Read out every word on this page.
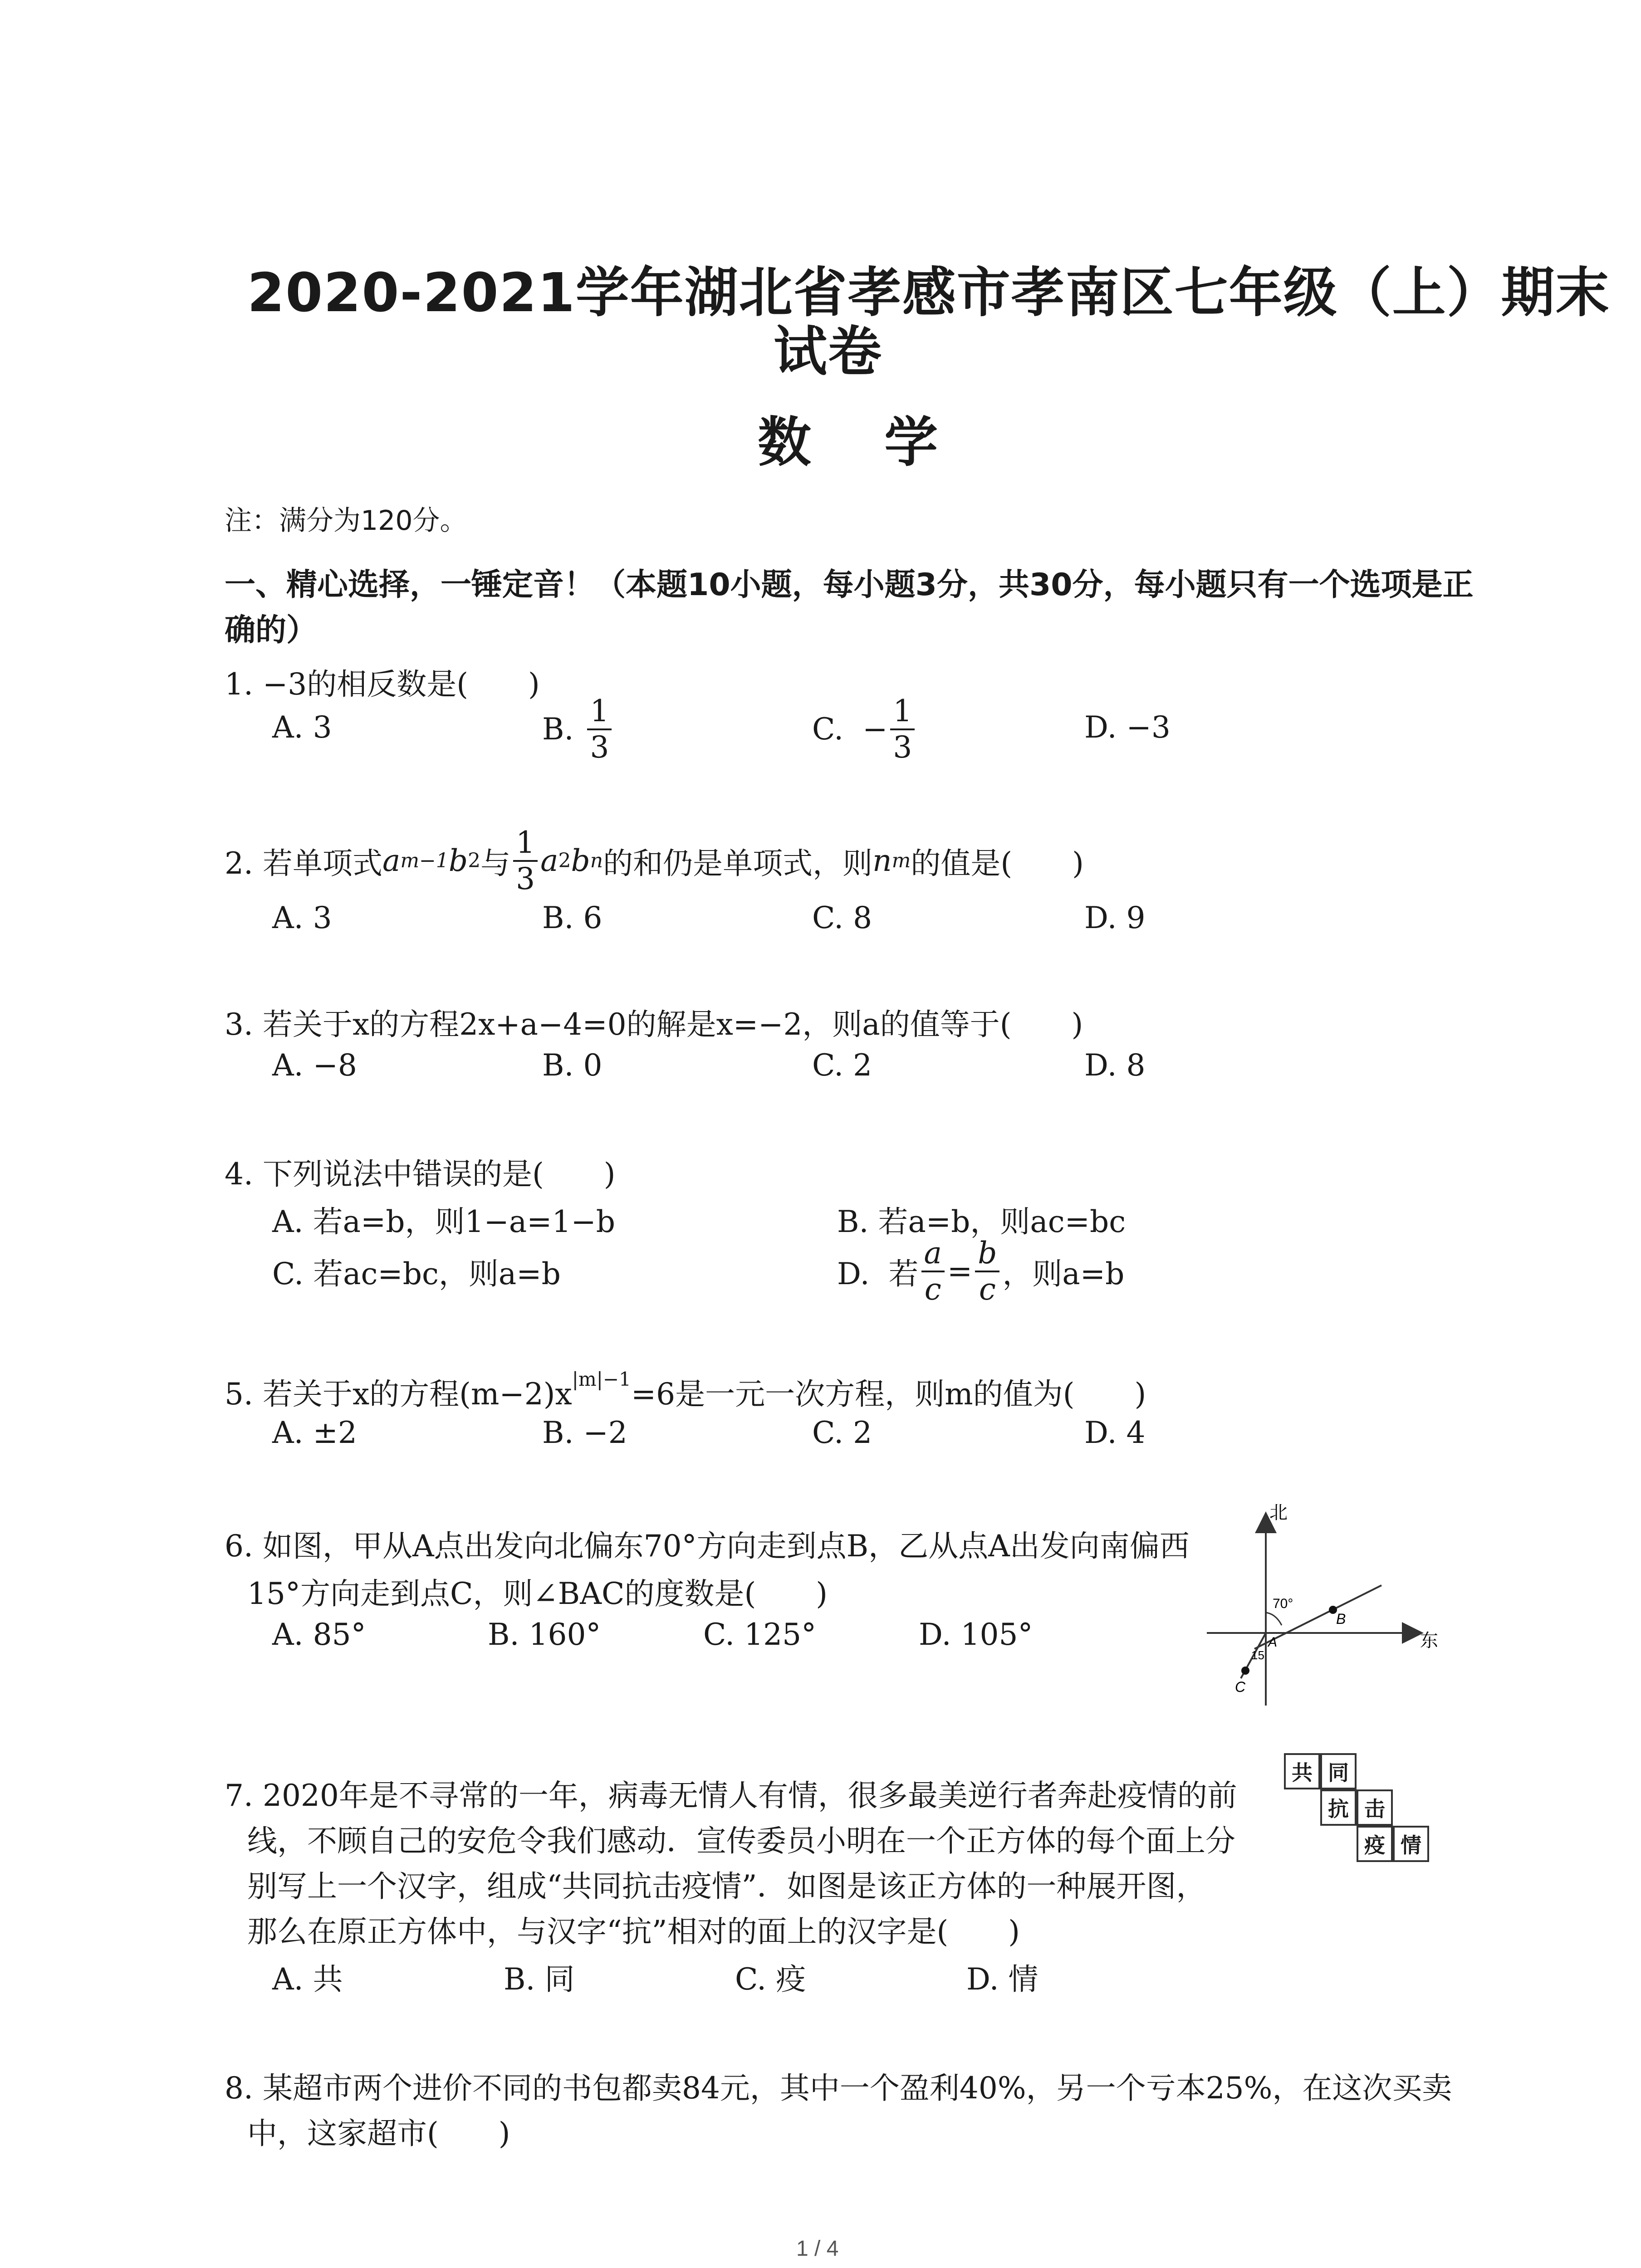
2020-2021学年湖北省孝感市孝南区七年级（上）期末
试卷
数 学
注：满分为120分。
一、精心选择，一锤定音！（本题10小题，每小题3分，共30分，每小题只有一个选项是正
确的）
1. −3的相反数是(　　)
A. 3	B. $\frac{1}{3}$	C.  − $\frac{1}{3}$	D. −3
2. 若单项式 a m−1 b 2 与 $\frac{1}{3}$ a 2 b n 的和仍是单项式，则 n m 的值是(　　)
A. 3	B. 6	C. 8	D. 9
3. 若关于x的方程2x+a−4=0的解是x=−2，则a的值等于(　　)
A. −8	B. 0	C. 2	D. 8
4. 下列说法中错误的是(　　)
A. 若a=b，则1−a=1−b	B. 若a=b，则ac=bc
C. 若ac=bc，则a=b	D.  若 $\frac{a}{c} = \frac{b}{c}$ ，则a=b
5. 若关于x的方程$(m-2)x^{|m|-1} =6$是一元一次方程，则m的值为(　　)
A. ±2	B. −2	C. 2	D. 4
6. 如图，甲从A点出发向北偏东70°方向走到点B，乙从点A出发向南偏西
15°方向走到点C，则∠BAC的度数是(　　)
A. 85°	B. 160°	C. 125°	D. 105°
北
东
70°
15
A
B
C
7. 2020年是不寻常的一年，病毒无情人有情，很多最美逆行者奔赴疫情的前
线，不顾自己的安危令我们感动．宣传委员小明在一个正方体的每个面上分
别写上一个汉字，组成“共同抗击疫情”．如图是该正方体的一种展开图，
那么在原正方体中，与汉字“抗”相对的面上的汉字是(　　)
A. 共	B. 同	C. 疫	D. 情
共 同
抗 击
疫 情
8. 某超市两个进价不同的书包都卖84元，其中一个盈利40%，另一个亏本25%，在这次买卖
中，这家超市(　　)
1 / 4
